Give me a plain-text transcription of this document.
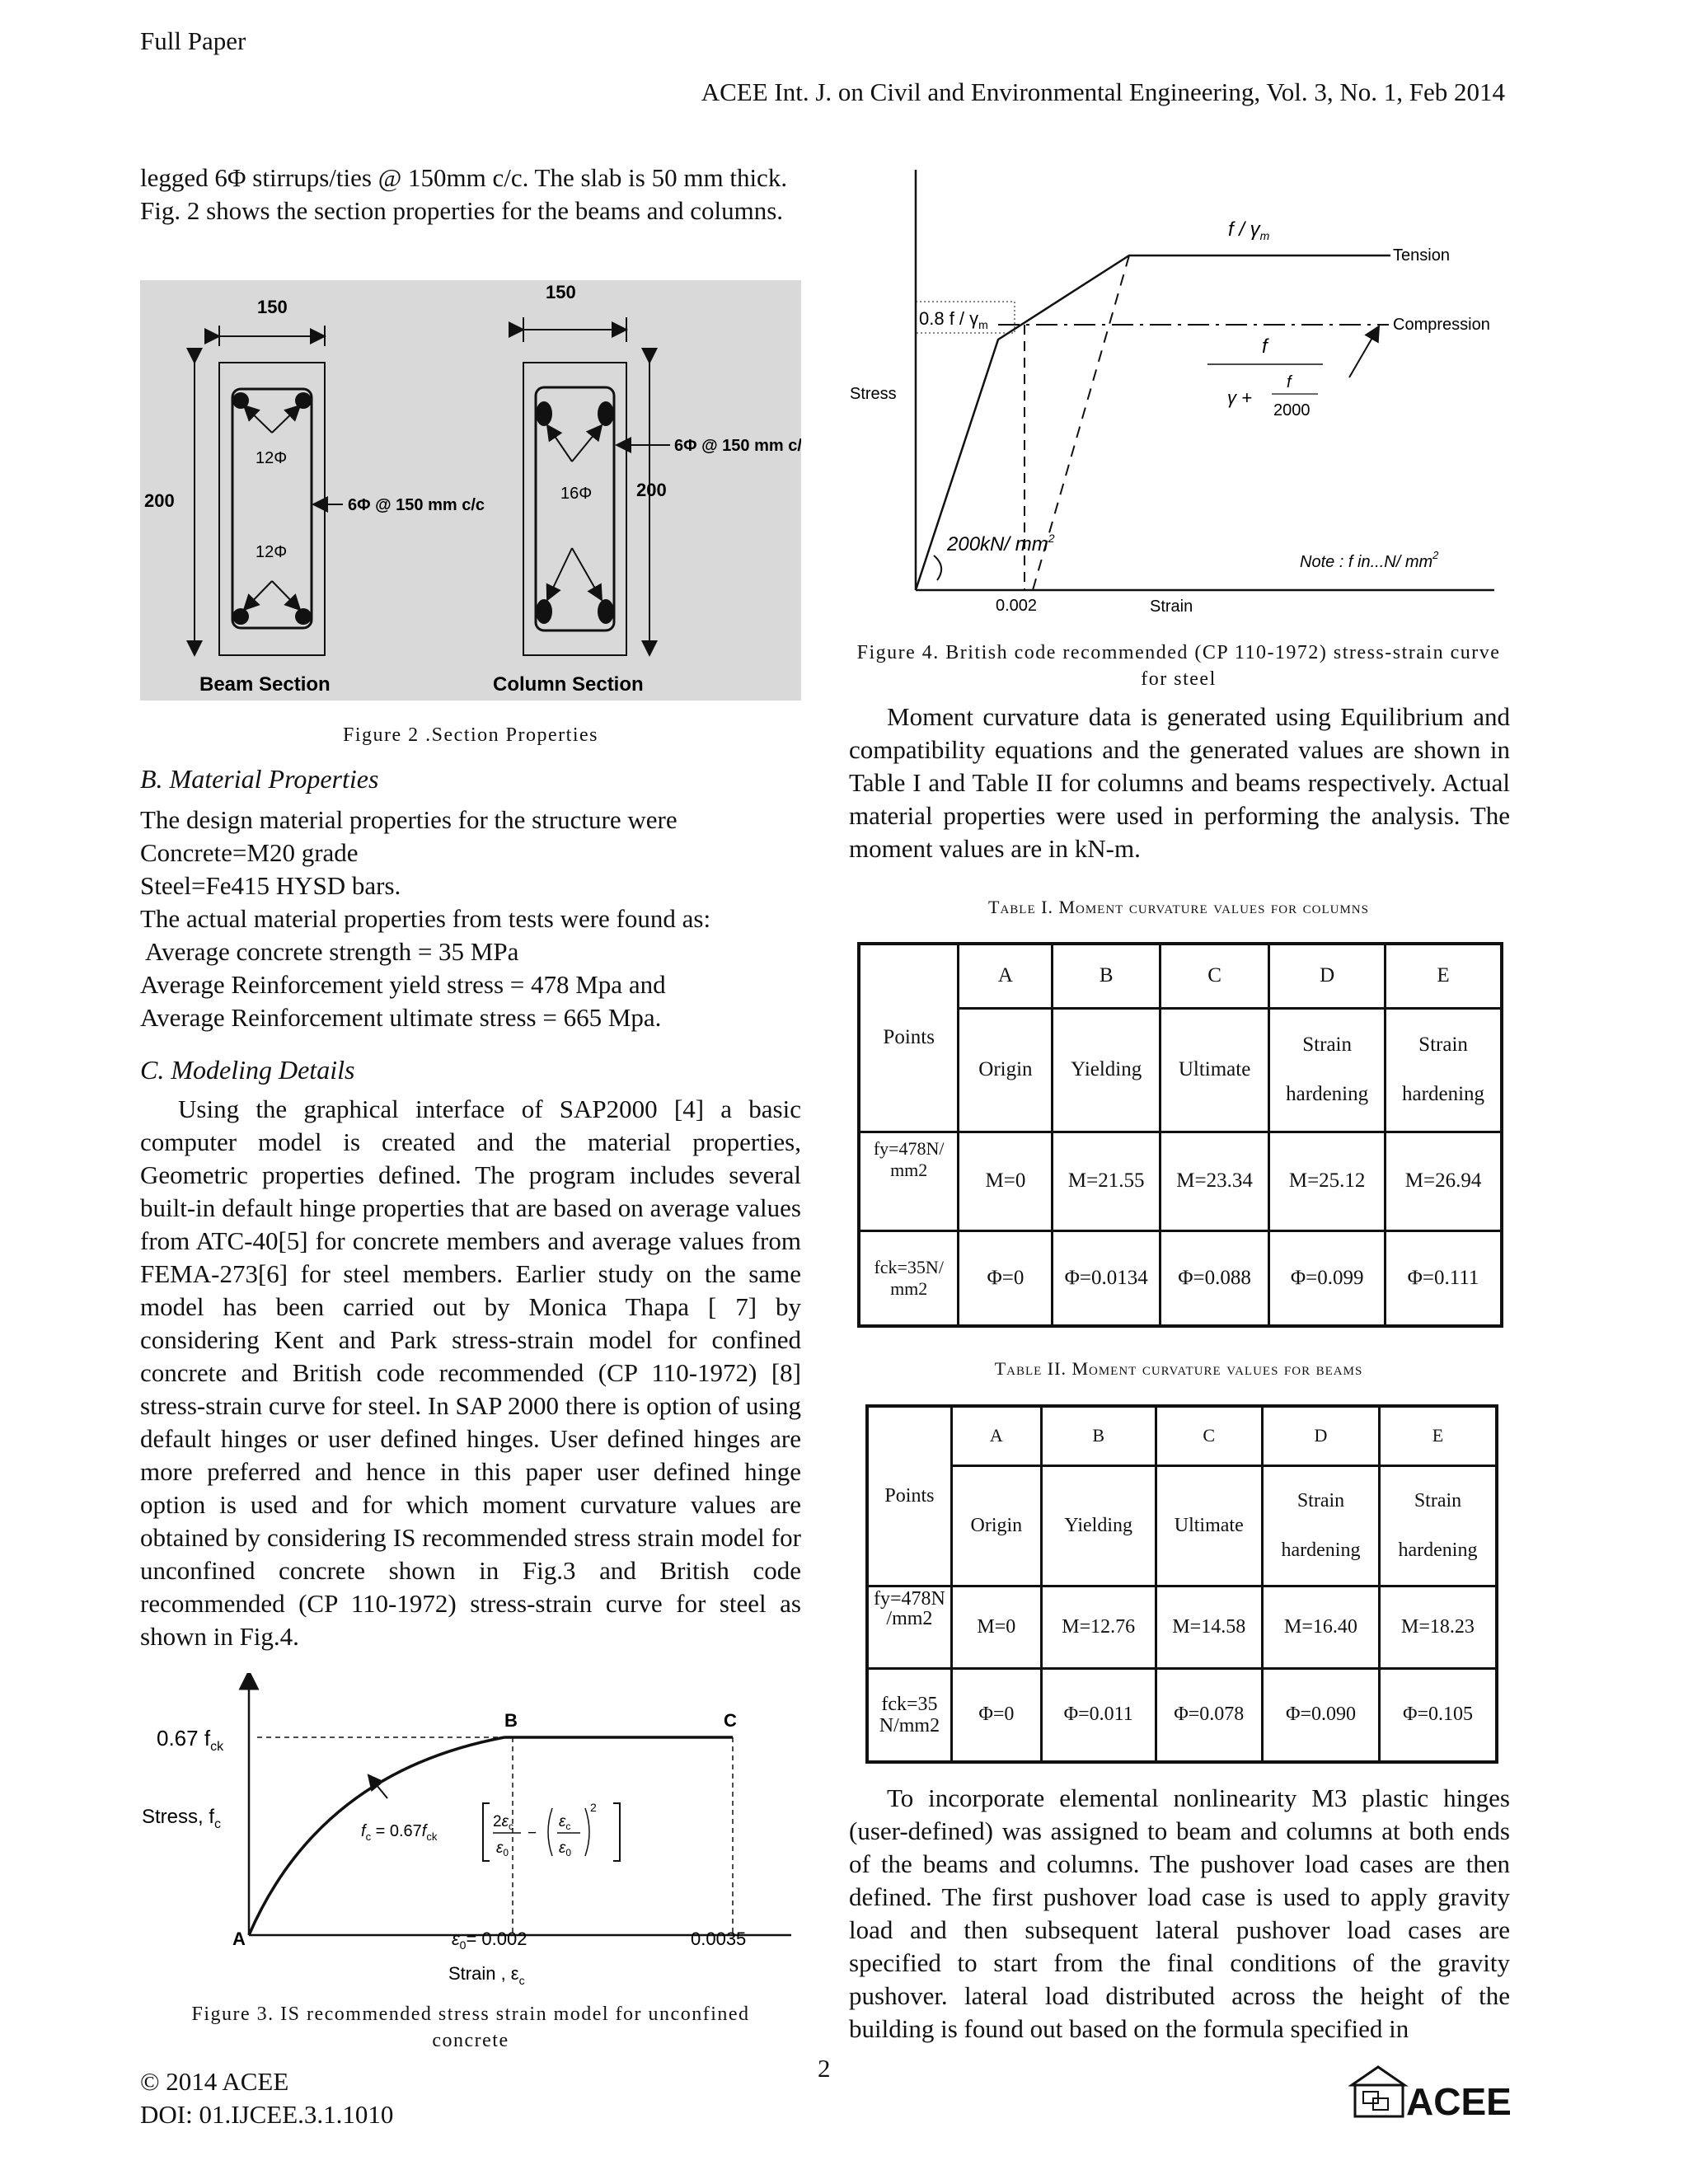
Full Paper
ACEE Int. J. on Civil and Environmental Engineering, Vol. 3, No. 1, Feb 2014

legged 6Φ stirrups/ties @ 150mm c/c. The slab is 50 mm thick.

Fig. 2 shows the section properties for the beams and columns.

150
200
12Φ
12Φ
6Φ @ 150 mm c/c
Beam Section
150
200
16Φ
6Φ @ 150 mm c/c
Column Section
Figure 2 .Section Properties

B. Material Properties

The design material properties for the structure were

Concrete=M20 grade

Steel=Fe415 HYSD bars.

The actual material properties from tests were found as:

Average concrete strength = 35 MPa

Average Reinforcement yield stress = 478 Mpa and

Average Reinforcement ultimate stress = 665 Mpa.

C. Modeling Details

Using the graphical interface of SAP2000 [4] a basic computer model is created and the material properties, Geometric properties defined. The program includes several built-in default hinge properties that are based on average values from ATC-40[5] for concrete members and average values from FEMA-273[6] for steel members. Earlier study on the same model has been carried out by Monica Thapa [ 7] by considering Kent and Park stress-strain model for confined concrete and British code recommended (CP 110-1972) [8] stress-strain curve for steel. In SAP 2000 there is option of using default hinges or user defined hinges. User defined hinges are more preferred and hence in this paper user defined hinge option is used and for which moment curvature values are obtained by considering IS recommended stress strain model for unconfined concrete shown in Fig.3 and British code recommended (CP 110-1972) stress-strain curve for steel as shown in Fig.4.

0.67 $f_{ck}$
Stress, $f_c$
A
B	C
$\varepsilon_0= 0.002$	0.0035
Strain , $\varepsilon_c$
$f_c = 0.67f_{ck}$
$2\varepsilon_c$
$\varepsilon_0$
−
$\varepsilon_c$
$\varepsilon_0$
2
Figure 3. IS recommended stress strain model for unconfined concrete
Tension
Compression
0.8 f / $\gamma_m$
f / $\gamma_m$
Stress
Strain
0.002
200kN/ $mm^2$
Note : f in...N/ $mm^2$
f
γ +
f
2000
Figure 4. British code recommended (CP 110-1972) stress-strain curve for steel

Moment curvature data is generated using Equilibrium and compatibility equations and the generated values are shown in Table I and Table II for columns and beams respectively. Actual material properties were used in performing the analysis. The moment values are in kN-m.

Table I. Moment curvature values for columns
Points	A	B	C	D	E
	Origin	Yielding	Ultimate	Strain hardening	Strain hardening
fy=478N/ mm2	M=0	M=21.55	M=23.34	M=25.12	M=26.94
fck=35N/ mm2	Φ=0	Φ=0.0134	Φ=0.088	Φ=0.099	Φ=0.111
Table II. Moment curvature values for beams
Points	A	B	C	D	E
	Origin	Yielding	Ultimate	Strain hardening	Strain hardening
fy=478N /mm2	M=0	M=12.76	M=14.58	M=16.40	M=18.23
fck=35 N/mm2	Φ=0	Φ=0.011	Φ=0.078	Φ=0.090	Φ=0.105

To incorporate elemental nonlinearity M3 plastic hinges (user-defined) was assigned to beam and columns at both ends of the beams and columns. The pushover load cases are then defined. The first pushover load case is used to apply gravity load and then subsequent lateral pushover load cases are specified to start from the final conditions of the gravity pushover. lateral load distributed across the height of the building is found out based on the formula specified in

© 2014 ACEE
DOI: 01.IJCEE.3.1.1010
2
ACEE
